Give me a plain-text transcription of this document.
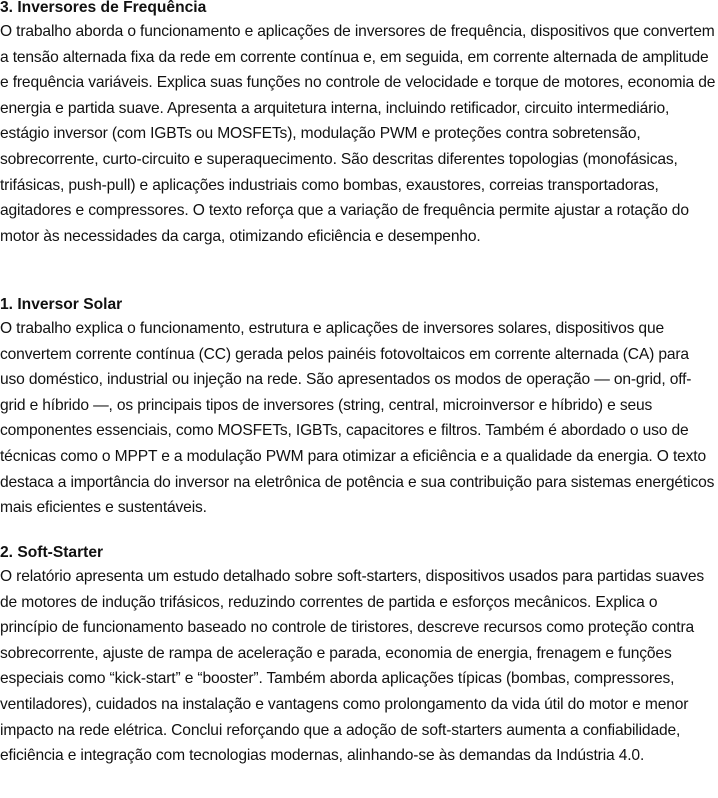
3. Inversores de Frequência

O trabalho aborda o funcionamento e aplicações de inversores de frequência, dispositivos que convertem a tensão alternada fixa da rede em corrente contínua e, em seguida, em corrente alternada de amplitude e frequência variáveis. Explica suas funções no controle de velocidade e torque de motores, economia de energia e partida suave. Apresenta a arquitetura interna, incluindo retificador, circuito intermediário, estágio inversor (com IGBTs ou MOSFETs), modulação PWM e proteções contra sobretensão, sobrecorrente, curto-circuito e superaquecimento. São descritas diferentes topologias (monofásicas, trifásicas, push-pull) e aplicações industriais como bombas, exaustores, correias transportadoras, agitadores e compressores. O texto reforça que a variação de frequência permite ajustar a rotação do motor às necessidades da carga, otimizando eficiência e desempenho.

1. Inversor Solar

O trabalho explica o funcionamento, estrutura e aplicações de inversores solares, dispositivos que convertem corrente contínua (CC) gerada pelos painéis fotovoltaicos em corrente alternada (CA) para uso doméstico, industrial ou injeção na rede. São apresentados os modos de operação — on-grid, off-grid e híbrido —, os principais tipos de inversores (string, central, microinversor e híbrido) e seus componentes essenciais, como MOSFETs, IGBTs, capacitores e filtros. Também é abordado o uso de técnicas como o MPPT e a modulação PWM para otimizar a eficiência e a qualidade da energia. O texto destaca a importância do inversor na eletrônica de potência e sua contribuição para sistemas energéticos mais eficientes e sustentáveis.

2. Soft-Starter

O relatório apresenta um estudo detalhado sobre soft-starters, dispositivos usados para partidas suaves de motores de indução trifásicos, reduzindo correntes de partida e esforços mecânicos. Explica o princípio de funcionamento baseado no controle de tiristores, descreve recursos como proteção contra sobrecorrente, ajuste de rampa de aceleração e parada, economia de energia, frenagem e funções especiais como “kick-start” e “booster”. Também aborda aplicações típicas (bombas, compressores, ventiladores), cuidados na instalação e vantagens como prolongamento da vida útil do motor e menor impacto na rede elétrica. Conclui reforçando que a adoção de soft-starters aumenta a confiabilidade, eficiência e integração com tecnologias modernas, alinhando-se às demandas da Indústria 4.0.
